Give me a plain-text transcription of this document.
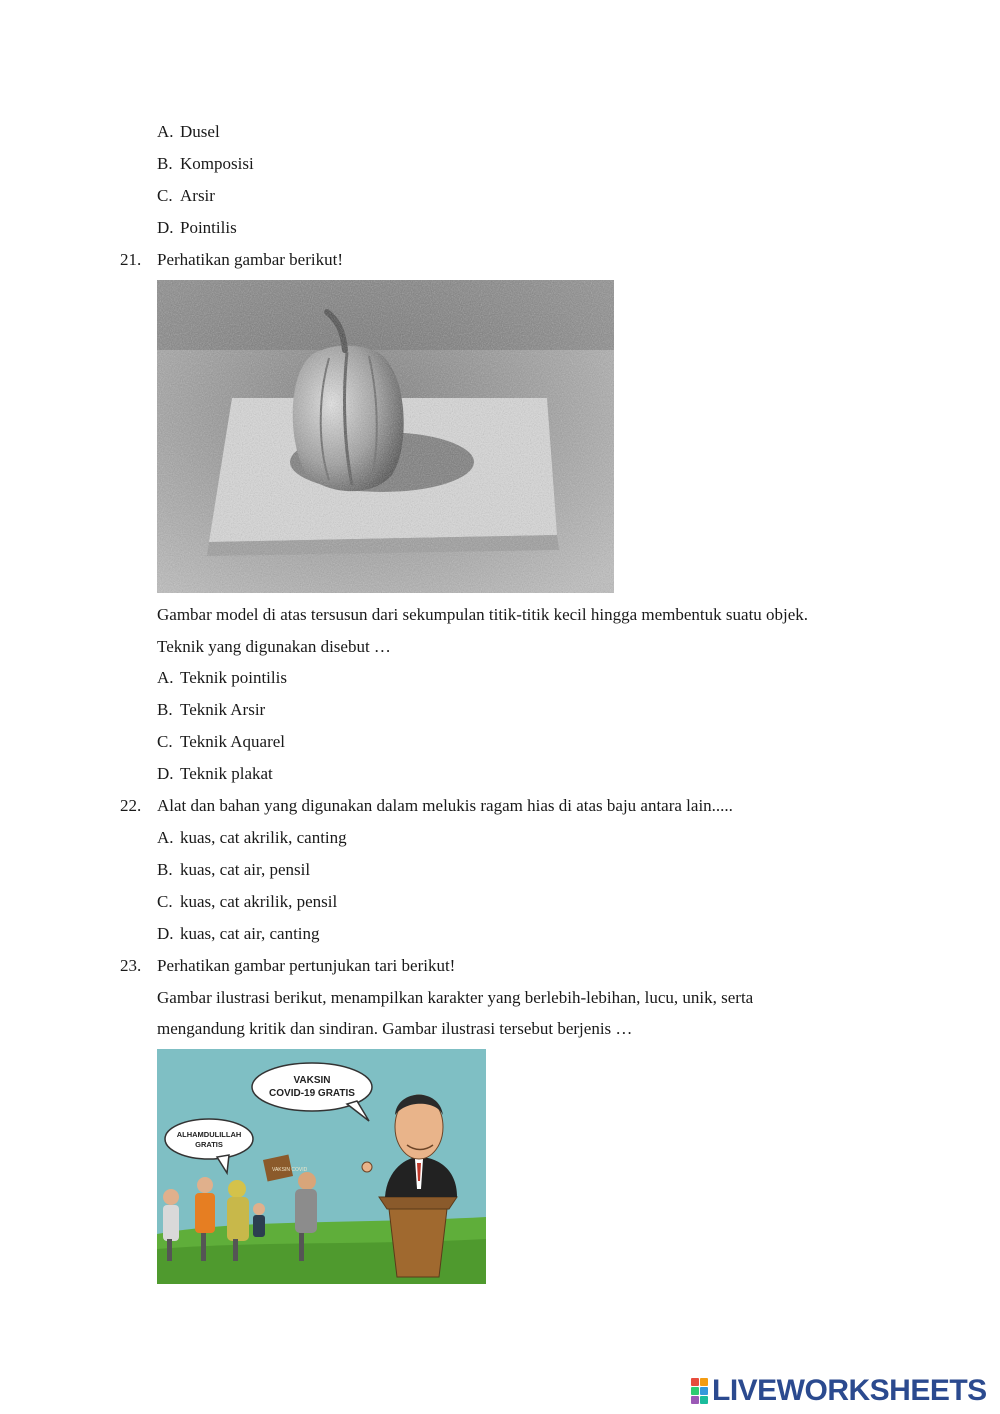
A. Dusel
B. Komposisi
C. Arsir
D. Pointilis
21. Perhatikan gambar berikut!
Gambar model di atas tersusun dari sekumpulan titik-titik kecil hingga membentuk suatu objek.
Teknik yang digunakan disebut …
A. Teknik pointilis
B. Teknik Arsir
C. Teknik Aquarel
D. Teknik plakat
22. Alat dan bahan yang digunakan dalam melukis ragam hias di atas baju antara lain.....
A. kuas, cat akrilik, canting
B. kuas, cat air, pensil
C. kuas, cat akrilik, pensil
D. kuas, cat air, canting
23. Perhatikan gambar pertunjukan tari berikut!
Gambar ilustrasi berikut, menampilkan karakter yang berlebih-lebihan, lucu, unik, serta
mengandung kritik dan sindiran. Gambar ilustrasi tersebut berjenis …
VAKSIN
COVID-19 GRATIS
ALHAMDULILLAH
GRATIS
VAKSIN COVID
LIVEWORKSHEETS
